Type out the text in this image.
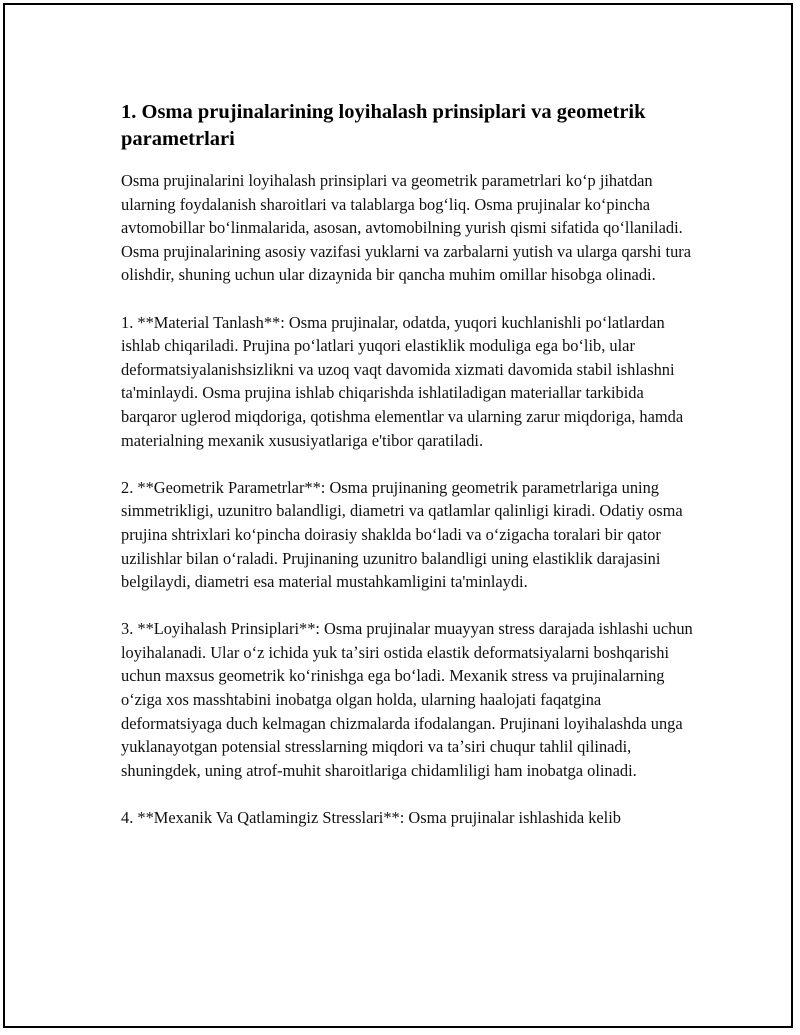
1. Osma prujinalarining loyihalash prinsiplari va geometrik parametrlari

Osma prujinalarini loyihalash prinsiplari va geometrik parametrlari koʻp jihatdan ularning foydalanish sharoitlari va talablarga bogʻliq. Osma prujinalar koʻpincha avtomobillar boʻlinmalarida, asosan, avtomobilning yurish qismi sifatida qoʻllaniladi. Osma prujinalarining asosiy vazifasi yuklarni va zarbalarni yutish va ularga qarshi tura olishdir, shuning uchun ular dizaynida bir qancha muhim omillar hisobga olinadi.

1. **Material Tanlash**: Osma prujinalar, odatda, yuqori kuchlanishli poʻlatlardan ishlab chiqariladi. Prujina poʻlatlari yuqori elastiklik moduliga ega boʻlib, ular deformatsiyalanishsizlikni va uzoq vaqt davomida xizmati davomida stabil ishlashni ta'minlaydi. Osma prujina ishlab chiqarishda ishlatiladigan materiallar tarkibida barqaror uglerod miqdoriga, qotishma elementlar va ularning zarur miqdoriga, hamda materialning mexanik xususiyatlariga e'tibor qaratiladi.

2. **Geometrik Parametrlar**: Osma prujinaning geometrik parametrlariga uning simmetrikligi, uzunitro balandligi, diametri va qatlamlar qalinligi kiradi. Odatiy osma prujina shtrixlari koʻpincha doirasiy shaklda boʻladi va oʻzigacha toralari bir qator uzilishlar bilan oʻraladi. Prujinaning uzunitro balandligi uning elastiklik darajasini belgilaydi, diametri esa material mustahkamligini ta'minlaydi.

3. **Loyihalash Prinsiplari**: Osma prujinalar muayyan stress darajada ishlashi uchun loyihalanadi. Ular oʻz ichida yuk taʼsiri ostida elastik deformatsiyalarni boshqarishi uchun maxsus geometrik koʻrinishga ega boʻladi. Mexanik stress va prujinalarning oʻziga xos masshtabini inobatga olgan holda, ularning haalojati faqatgina deformatsiyaga duch kelmagan chizmalarda ifodalangan. Prujinani loyihalashda unga yuklanayotgan potensial stresslarning miqdori va taʼsiri chuqur tahlil qilinadi, shuningdek, uning atrof-muhit sharoitlariga chidamliligi ham inobatga olinadi.

4. **Mexanik Va Qatlamingiz Stresslari**: Osma prujinalar ishlashida kelib
